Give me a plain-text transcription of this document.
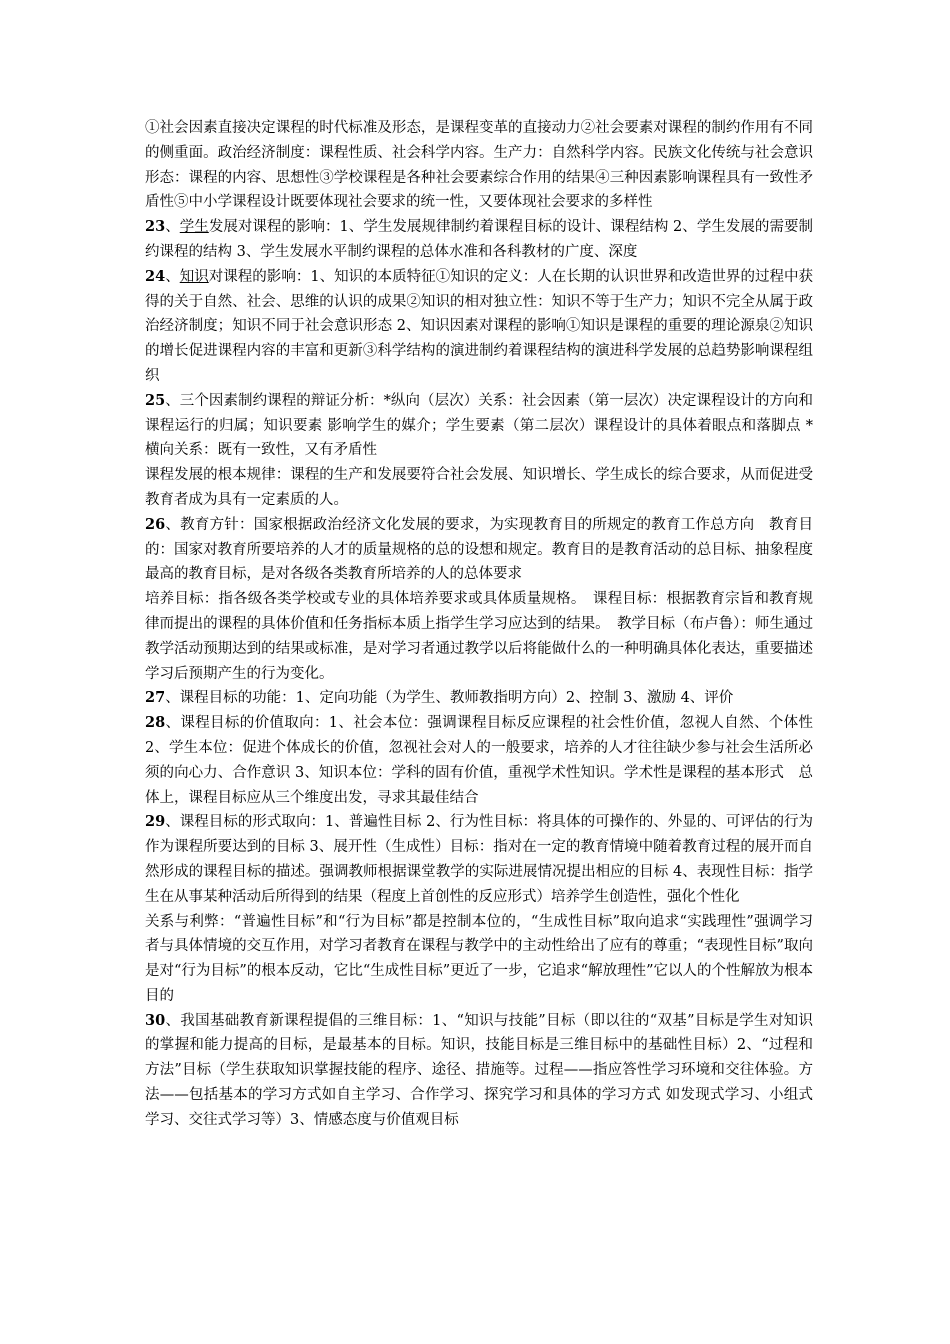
①社会因素直接决定课程的时代标准及形态，是课程变革的直接动力②社会要素对课程的制约作用有不同的侧重面。政治经济制度：课程性质、社会科学内容。生产力：自然科学内容。民族文化传统与社会意识形态：课程的内容、思想性③学校课程是各种社会要素综合作用的结果④三种因素影响课程具有一致性矛盾性⑤中小学课程设计既要体现社会要求的统一性，又要体现社会要求的多样性

23、学生发展对课程的影响：1、学生发展规律制约着课程目标的设计、课程结构 2、学生发展的需要制约课程的结构 3、学生发展水平制约课程的总体水准和各科教材的广度、深度

24、知识对课程的影响：1、知识的本质特征①知识的定义：人在长期的认识世界和改造世界的过程中获得的关于自然、社会、思维的认识的成果②知识的相对独立性：知识不等于生产力；知识不完全从属于政治经济制度；知识不同于社会意识形态 2、知识因素对课程的影响①知识是课程的重要的理论源泉②知识的增长促进课程内容的丰富和更新③科学结构的演进制约着课程结构的演进科学发展的总趋势影响课程组织

25、三个因素制约课程的辩证分析：*纵向（层次）关系：社会因素（第一层次）决定课程设计的方向和课程运行的归属；知识要素 影响学生的媒介；学生要素（第二层次）课程设计的具体着眼点和落脚点 *横向关系：既有一致性，又有矛盾性

课程发展的根本规律：课程的生产和发展要符合社会发展、知识增长、学生成长的综合要求，从而促进受教育者成为具有一定素质的人。

26、教育方针：国家根据政治经济文化发展的要求，为实现教育目的所规定的教育工作总方向　教育目的：国家对教育所要培养的人才的质量规格的总的设想和规定。教育目的是教育活动的总目标、抽象程度最高的教育目标，是对各级各类教育所培养的人的总体要求

培养目标：指各级各类学校或专业的具体培养要求或具体质量规格。　课程目标：根据教育宗旨和教育规律而提出的课程的具体价值和任务指标本质上指学生学习应达到的结果。　教学目标（布卢鲁）：师生通过教学活动预期达到的结果或标准，是对学习者通过教学以后将能做什么的一种明确具体化表达，重要描述学习后预期产生的行为变化。

27、课程目标的功能：1、定向功能（为学生、教师教指明方向）2、控制 3、激励 4、评价

28、课程目标的价值取向：1、社会本位：强调课程目标反应课程的社会性价值，忽视人自然、个体性 2、学生本位：促进个体成长的价值，忽视社会对人的一般要求，培养的人才往往缺少参与社会生活所必须的向心力、合作意识 3、知识本位：学科的固有价值，重视学术性知识。学术性是课程的基本形式　总体上，课程目标应从三个维度出发，寻求其最佳结合

29、课程目标的形式取向：1、普遍性目标 2、行为性目标：将具体的可操作的、外显的、可评估的行为作为课程所要达到的目标 3、展开性（生成性）目标：指对在一定的教育情境中随着教育过程的展开而自然形成的课程目标的描述。强调教师根据课堂教学的实际进展情况提出相应的目标 4、表现性目标：指学生在从事某种活动后所得到的结果（程度上首创性的反应形式）培养学生创造性，强化个性化

关系与利弊：“普遍性目标”和“行为目标”都是控制本位的，“生成性目标”取向追求“实践理性”强调学习者与具体情境的交互作用，对学习者教育在课程与教学中的主动性给出了应有的尊重；“表现性目标”取向是对“行为目标”的根本反动，它比“生成性目标”更近了一步，它追求“解放理性”它以人的个性解放为根本目的

30、我国基础教育新课程提倡的三维目标：1、“知识与技能”目标（即以往的“双基”目标是学生对知识的掌握和能力提高的目标，是最基本的目标。知识，技能目标是三维目标中的基础性目标）2、“过程和方法”目标（学生获取知识掌握技能的程序、途径、措施等。过程——指应答性学习环境和交往体验。方法——包括基本的学习方式如自主学习、合作学习、探究学习和具体的学习方式 如发现式学习、小组式学习、交往式学习等）3、情感态度与价值观目标
